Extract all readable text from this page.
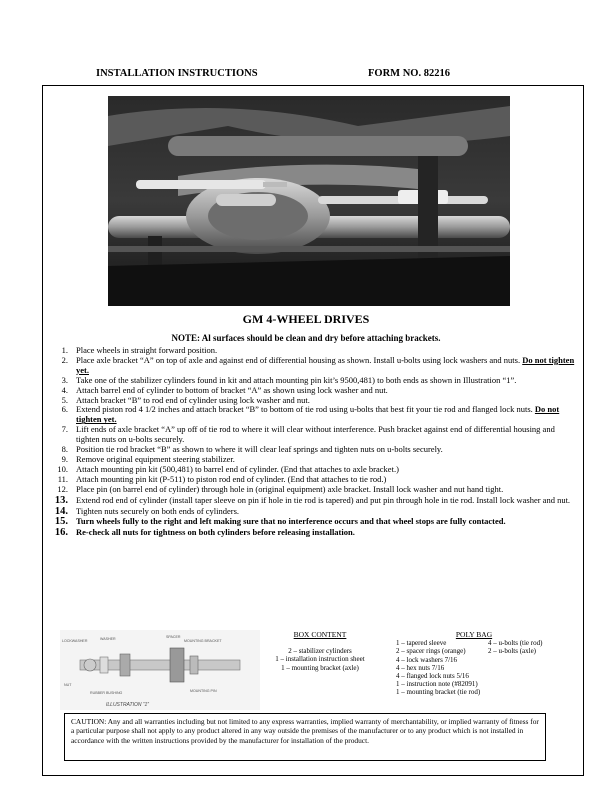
INSTALLATION INSTRUCTIONS	FORM NO. 82216
GM 4-WHEEL DRIVES
NOTE: Al surfaces should be clean and dry before attaching brackets.
1. Place wheels in straight forward position.
2. Place axle bracket “A” on top of axle and against end of differential housing as shown. Install u-bolts using lock washers and nuts. Do not tighten yet.
3. Take one of the stabilizer cylinders found in kit and attach mounting pin kit’s 9500,481) to both ends as shown in Illustration “1”.
4. Attach barrel end of cylinder to bottom of bracket “A” as shown using lock washer and nut.
5. Attach bracket “B” to rod end of cylinder using lock washer and nut.
6. Extend piston rod 4 1/2 inches and attach bracket “B” to bottom of tie rod using u-bolts that best fit your tie rod and flanged lock nuts. Do not tighten yet.
7. Lift ends of axle bracket “A” up off of tie rod to where it will clear without interference. Push bracket against end of differential housing and tighten nuts on u-bolts securely.
8. Position tie rod bracket “B” as shown to where it will clear leaf springs and tighten nuts on u-bolts securely.
9. Remove original equipment steering stabilizer.
10. Attach mounting pin kit (500,481) to barrel end of cylinder. (End that attaches to axle bracket.)
11. Attach mounting pin kit (P-511) to piston rod end of cylinder. (End that attaches to tie rod.)
12. Place pin (on barrel end of cylinder) through hole in (original equipment) axle bracket. Install lock washer and nut hand tight.
13. Extend rod end of cylinder (install taper sleeve on pin if hole in tie rod is tapered) and put pin through hole in tie rod. Install lock washer and nut.
14. Tighten nuts securely on both ends of cylinders.
15. Turn wheels fully to the right and left making sure that no interference occurs and that wheel stops are fully contacted.
16. Re-check all nuts for tightness on both cylinders before releasing installation.
LOCKWASHER	WASHER	SPACER
MOUNTING BRACKET
NUT
RUBBER BUSHING	MOUNTING PIN
ILLUSTRATION “1”
BOX CONTENT
2 – stabilizer cylinders
1 – installation instruction sheet
1 – mounting bracket (axle)
POLY BAG
1 – tapered sleeve	4 – u-bolts (tie rod)
2 – spacer rings (orange)	2 – u-bolts (axle)
4 – lock washers 7/16
4 – hex nuts 7/16
4 – flanged lock nuts 5/16
1 – instruction note (#82091)
1 – mounting bracket (tie rod)
CAUTION: Any and all warranties including but not limited to any express warranties, implied warranty of merchantability, or implied warranty of fitness for a particular purpose shall not apply to any product altered in any way outside the premises of the manufacturer or to any product which is not installed in accordance with the written instructions provided by the manufacturer for installation of the product.
